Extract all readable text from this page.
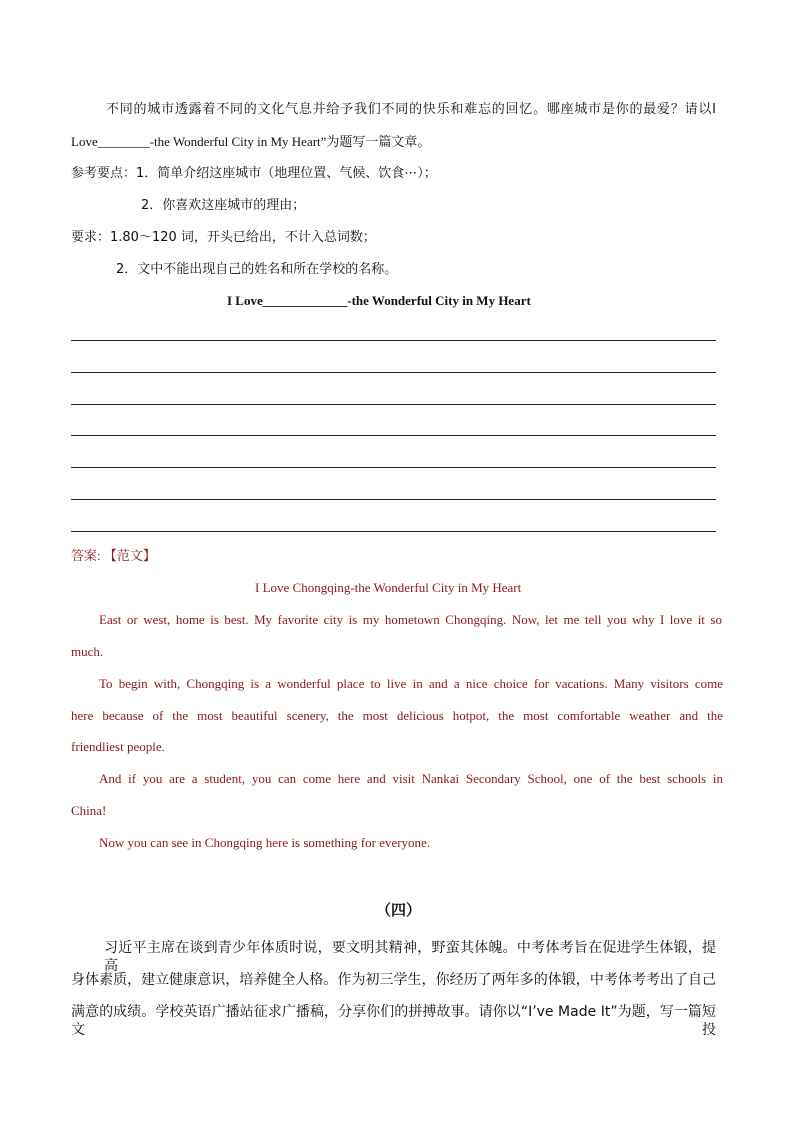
不同的城市透露着不同的文化气息并给予我们不同的快乐和难忘的回忆。哪座城市是你的最爱？请以I
Love________-the Wonderful City in My Heart”为题写一篇文章。
参考要点：1．简单介绍这座城市（地理位置、气候、饮食⋯）；
2．你喜欢这座城市的理由；
要求：1.80～120 词，开头已给出，不计入总词数；
2．文中不能出现自己的姓名和所在学校的名称。
I Love_____________-the Wonderful City in My Heart
答案: 【范文】
I Love Chongqing-the Wonderful City in My Heart
East or west, home is best. My favorite city is my hometown Chongqing. Now, let me tell you why I love it so
much.
To begin with, Chongqing is a wonderful place to live in and a nice choice for vacations. Many visitors come
here because of the most beautiful scenery, the most delicious hotpot, the most comfortable weather and the
friendliest people.
And if you are a student, you can come here and visit Nankai Secondary School, one of the best schools in
China!
Now you can see in Chongqing here is something for everyone.
（四）
习近平主席在谈到青少年体质时说，要文明其精神，野蛮其体魄。中考体考旨在促进学生体锻，提高
身体素质，建立健康意识，培养健全人格。作为初三学生，你经历了两年多的体锻，中考体考考出了自己
满意的成绩。学校英语广播站征求广播稿，分享你们的拼搏故事。请你以“I’ve Made It”为题，写一篇短文投
